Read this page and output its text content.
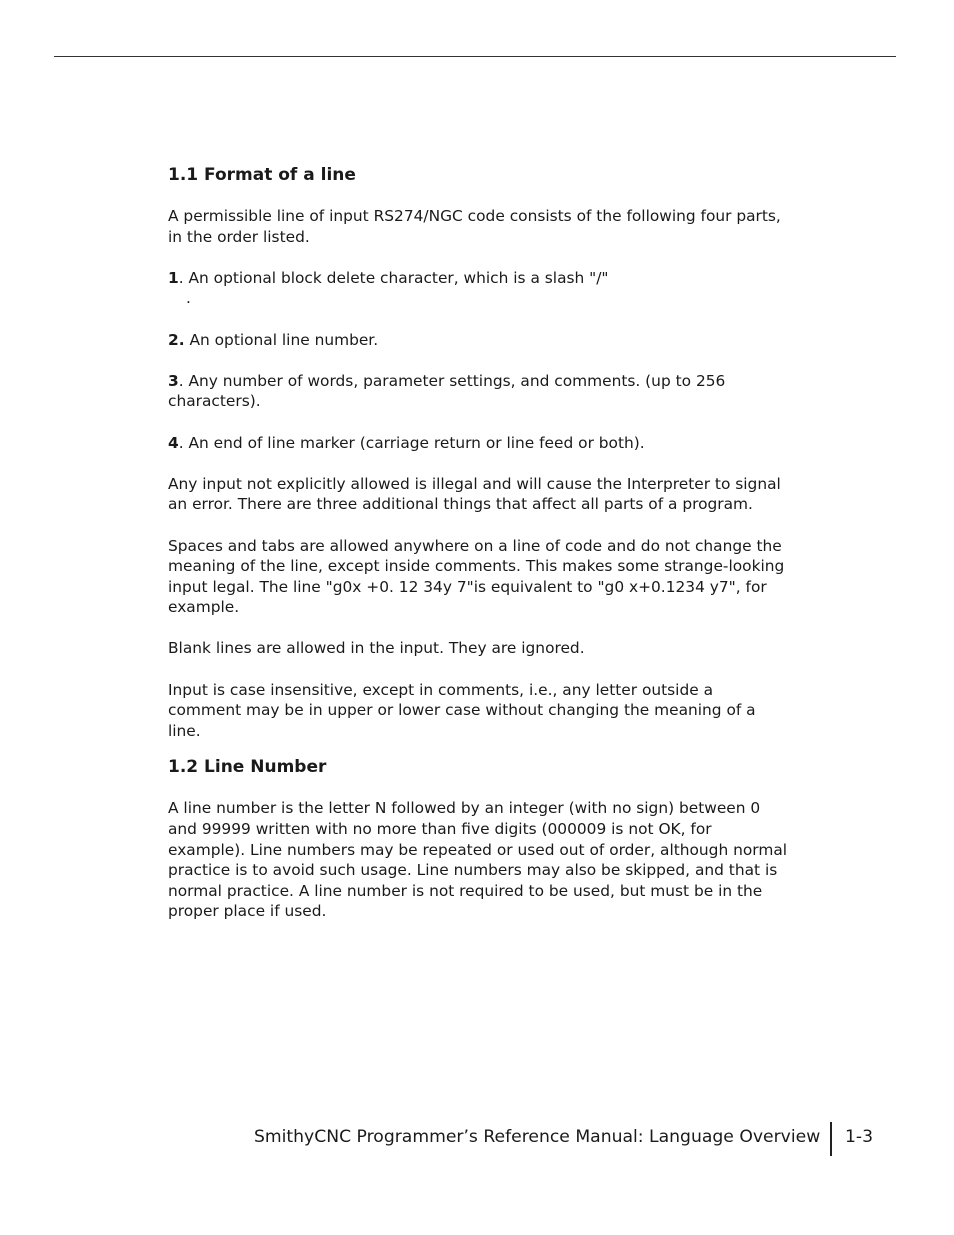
1.1 Format of a line

A permissible line of input RS274/NGC code consists of the following four parts, in the order listed.

1. An optional block delete character, which is a slash "/"

.

2. An optional line number.

3. Any number of words, parameter settings, and comments. (up to 256 characters).

4. An end of line marker (carriage return or line feed or both).

Any input not explicitly allowed is illegal and will cause the Interpreter to signal an error. There are three additional things that affect all parts of a program.

Spaces and tabs are allowed anywhere on a line of code and do not change the meaning of the line, except inside comments. This makes some strange-looking input legal. The line "g0x +0. 12 34y 7"is equivalent to "g0 x+0.1234 y7", for example.

Blank lines are allowed in the input. They are ignored.

Input is case insensitive, except in comments, i.e., any letter outside a comment may be in upper or lower case without changing the meaning of a line.

1.2 Line Number

A line number is the letter N followed by an integer (with no sign) between 0 and 99999 written with no more than five digits (000009 is not OK, for example). Line numbers may be repeated or used out of order, although normal practice is to avoid such usage. Line numbers may also be skipped, and that is normal practice. A line number is not required to be used, but must be in the proper place if used.

SmithyCNC Programmer’s Reference Manual: Language Overview 1-3
